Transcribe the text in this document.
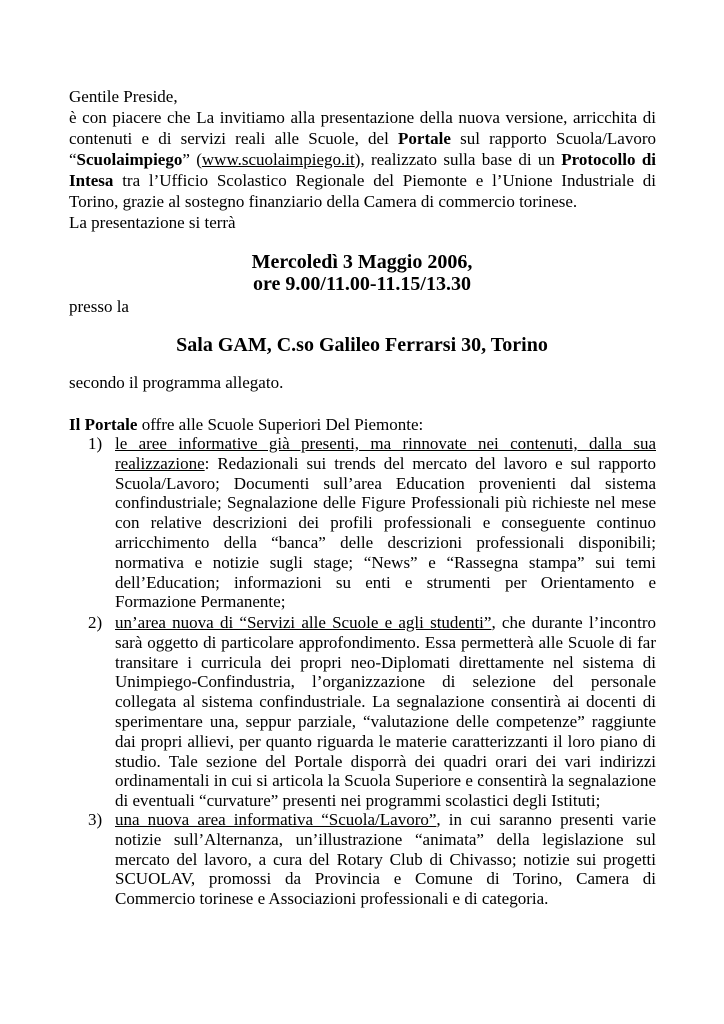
Gentile Preside,
è con piacere che La invitiamo alla presentazione della nuova versione, arricchita di
contenuti e di servizi reali alle Scuole, del Portale sul rapporto Scuola/Lavoro
“Scuolaimpiego” (www.scuolaimpiego.it), realizzato sulla base di un Protocollo di
Intesa tra l’Ufficio Scolastico Regionale del Piemonte e l’Unione Industriale di
Torino, grazie al sostegno finanziario della Camera di commercio torinese.
La presentazione si terrà
Mercoledì 3 Maggio 2006,
ore 9.00/11.00-11.15/13.30
presso la
Sala GAM, C.so Galileo Ferrarsi 30, Torino
secondo il programma allegato.
Il Portale offre alle Scuole Superiori Del Piemonte:
1) le aree informative già presenti, ma rinnovate nei contenuti, dalla sua
realizzazione: Redazionali sui trends del mercato del lavoro e sul rapporto
Scuola/Lavoro; Documenti sull’area Education provenienti dal sistema
confindustriale; Segnalazione delle Figure Professionali più richieste nel mese
con relative descrizioni dei profili professionali e conseguente continuo
arricchimento della “banca” delle descrizioni professionali disponibili;
normativa e notizie sugli stage; “News” e “Rassegna stampa” sui temi
dell’Education; informazioni su enti e strumenti per Orientamento e
Formazione Permanente;
2) un’area nuova di “Servizi alle Scuole e agli studenti”, che durante l’incontro
sarà oggetto di particolare approfondimento. Essa permetterà alle Scuole di far
transitare i curricula dei propri neo-Diplomati direttamente nel sistema di
Unimpiego-Confindustria, l’organizzazione di selezione del personale
collegata al sistema confindustriale. La segnalazione consentirà ai docenti di
sperimentare una, seppur parziale, “valutazione delle competenze” raggiunte
dai propri allievi, per quanto riguarda le materie caratterizzanti il loro piano di
studio. Tale sezione del Portale disporrà dei quadri orari dei vari indirizzi
ordinamentali in cui si articola la Scuola Superiore e consentirà la segnalazione
di eventuali “curvature” presenti nei programmi scolastici degli Istituti;
3) una nuova area informativa “Scuola/Lavoro”, in cui saranno presenti varie
notizie sull’Alternanza, un’illustrazione “animata” della legislazione sul
mercato del lavoro, a cura del Rotary Club di Chivasso; notizie sui progetti
SCUOLAV, promossi da Provincia e Comune di Torino, Camera di
Commercio torinese e Associazioni professionali e di categoria.
